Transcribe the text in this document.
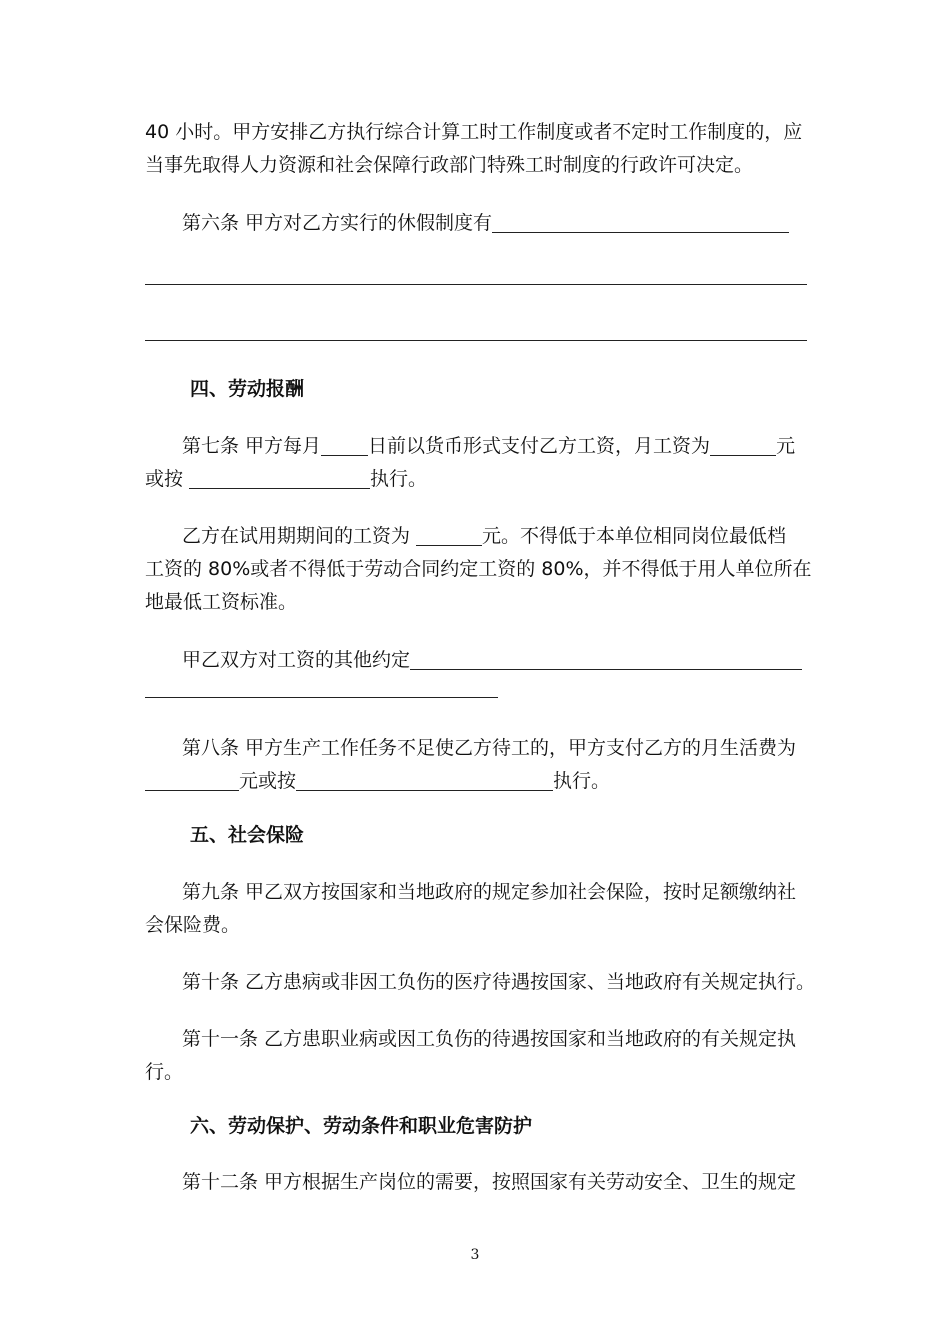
40 小时。甲方安排乙方执行综合计算工时工作制度或者不定时工作制度的，应
当事先取得人力资源和社会保障行政部门特殊工时制度的行政许可决定。
第六条 甲方对乙方实行的休假制度有
四、劳动报酬
第七条 甲方每月 日前以货币形式支付乙方工资，月工资为	元
或按	执行。
乙方在试用期期间的工资为	元。不得低于本单位相同岗位最低档
工资的 80%或者不得低于劳动合同约定工资的 80%，并不得低于用人单位所在
地最低工资标准。
甲乙双方对工资的其他约定
第八条 甲方生产工作任务不足使乙方待工的，甲方支付乙方的月生活费为
元或按	执行。
五、社会保险
第九条 甲乙双方按国家和当地政府的规定参加社会保险，按时足额缴纳社
会保险费。
第十条 乙方患病或非因工负伤的医疗待遇按国家、当地政府有关规定执行。
第十一条 乙方患职业病或因工负伤的待遇按国家和当地政府的有关规定执
行。
六、劳动保护、劳动条件和职业危害防护
第十二条 甲方根据生产岗位的需要，按照国家有关劳动安全、卫生的规定
3
